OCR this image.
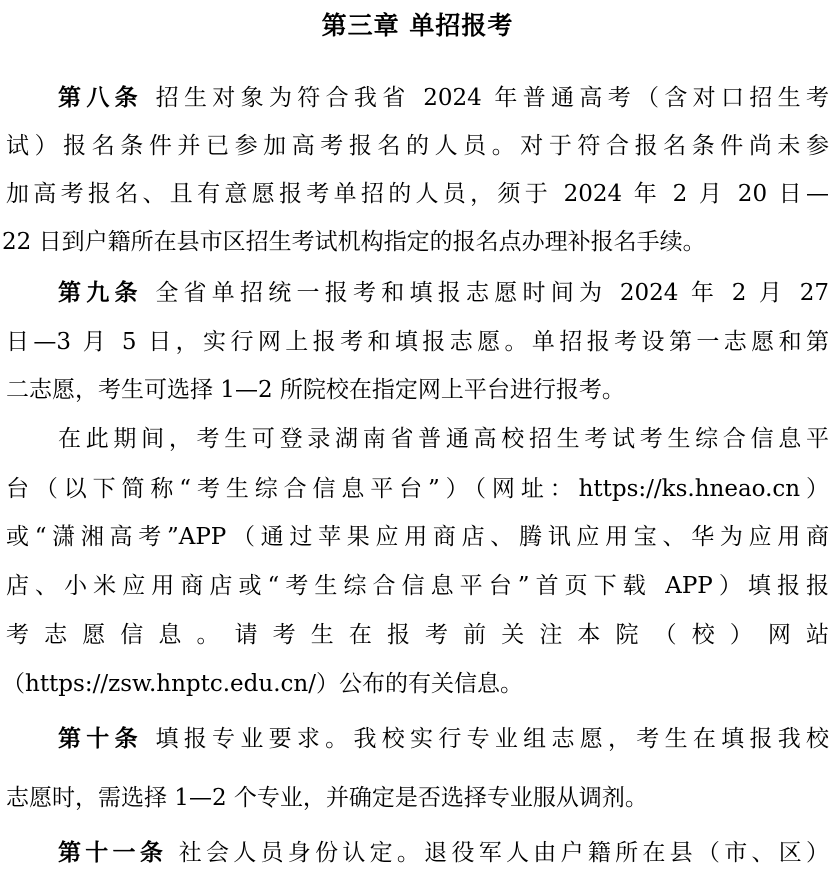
第三章 单招报考
第八条 招生对象为符合我省 2024 年普通高考（含对口招生考
试）报名条件并已参加高考报名的人员。对于符合报名条件尚未参
加高考报名、且有意愿报考单招的人员，须于 2024 年 2 月 20 日—
22 日到户籍所在县市区招生考试机构指定的报名点办理补报名手续。
第九条 全省单招统一报考和填报志愿时间为 2024 年 2 月 27
日—3 月 5 日，实行网上报考和填报志愿。单招报考设第一志愿和第
二志愿，考生可选择 1—2 所院校在指定网上平台进行报考。
在此期间，考生可登录湖南省普通高校招生考试考生综合信息平
台（以下简称“考生综合信息平台”）（网址：https://ks.hneao.cn）
或“潇湘高考”APP（通过苹果应用商店、腾讯应用宝、华为应用商
店、小米应用商店或“考生综合信息平台”首页下载 APP）填报报
考 志 愿 信 息 。 请 考 生 在 报 考 前 关 注 本 院 （ 校 ） 网 站
（https://zsw.hnptc.edu.cn/）公布的有关信息。
第十条 填报专业要求。我校实行专业组志愿，考生在填报我校
志愿时，需选择 1—2 个专业，并确定是否选择专业服从调剂。
第十一条 社会人员身份认定。退役军人由户籍所在县（市、区）
